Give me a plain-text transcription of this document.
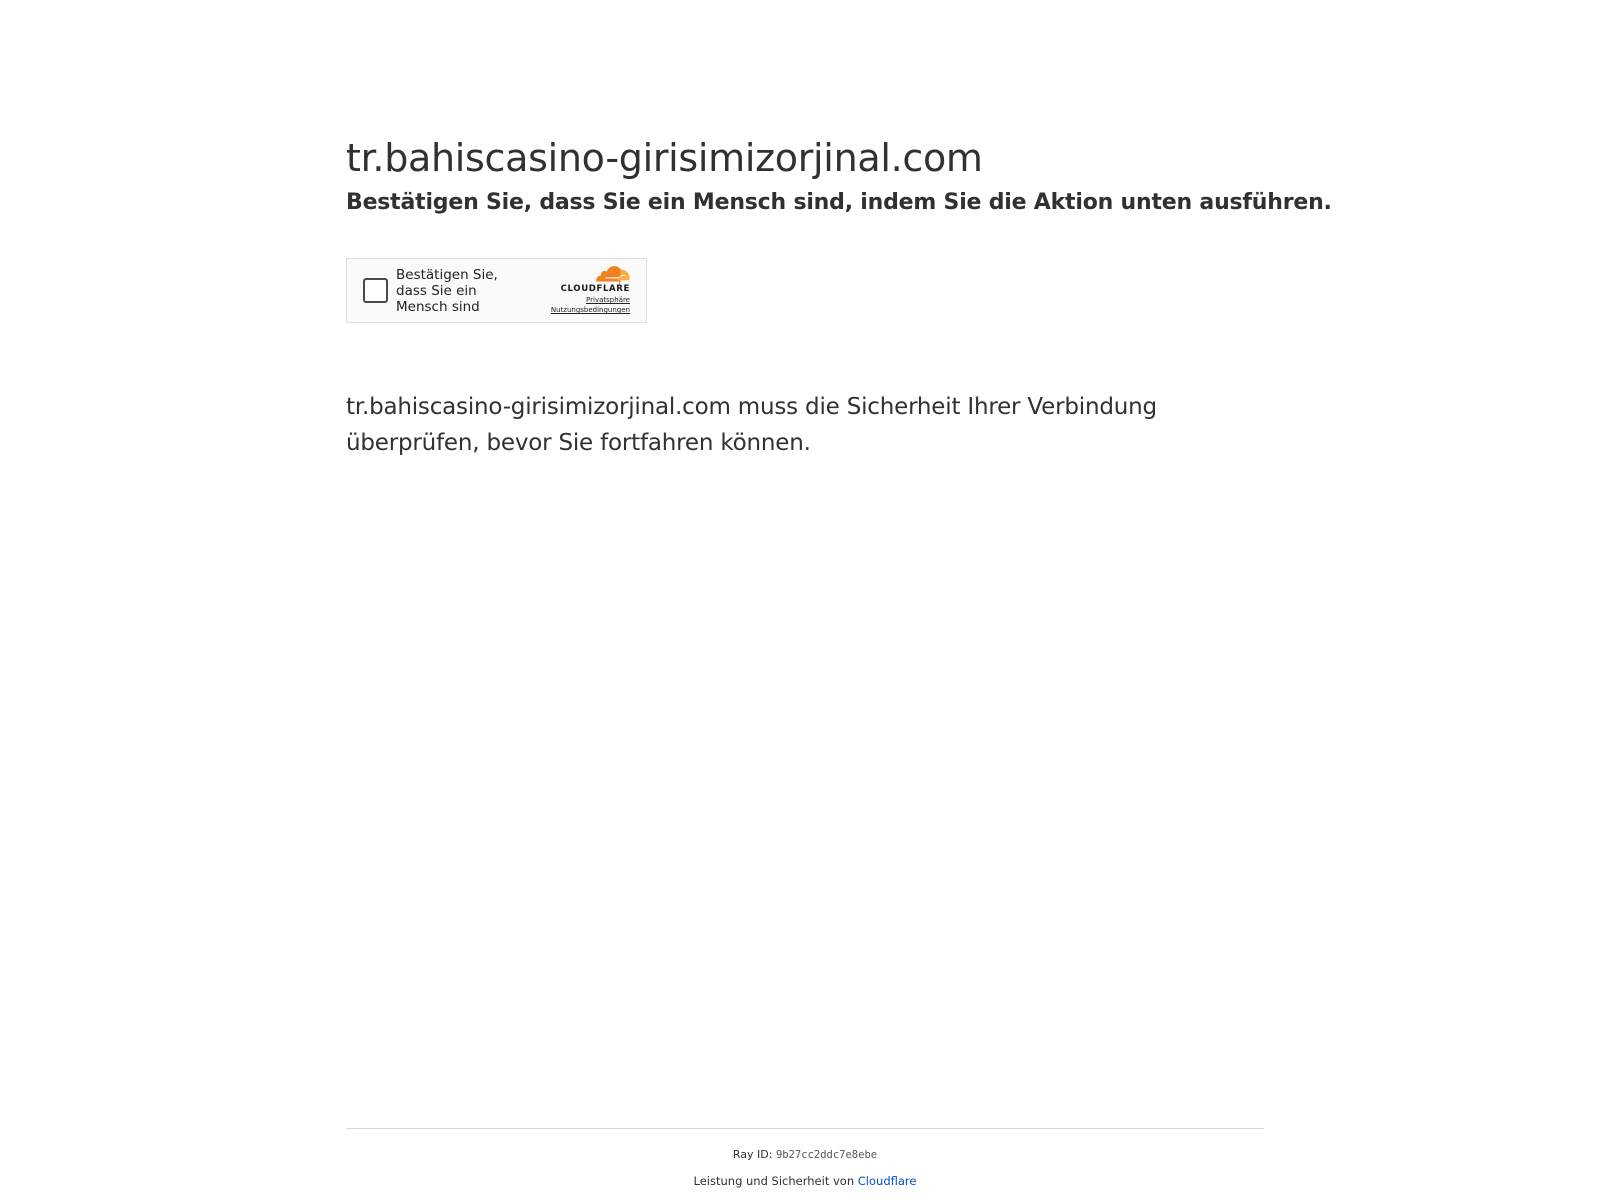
tr.bahiscasino-girisimizorjinal.com
Bestätigen Sie, dass Sie ein Mensch sind, indem Sie die Aktion unten ausführen.
Bestätigen Sie, dass Sie ein Mensch sind
CLOUDFLARE
Privatsphäre
Nutzungsbedingungen

tr.bahiscasino-girisimizorjinal.com muss die Sicherheit Ihrer Verbindung überprüfen, bevor Sie fortfahren können.

Ray ID: 9b27cc2ddc7e8ebe
Leistung und Sicherheit von Cloudflare
